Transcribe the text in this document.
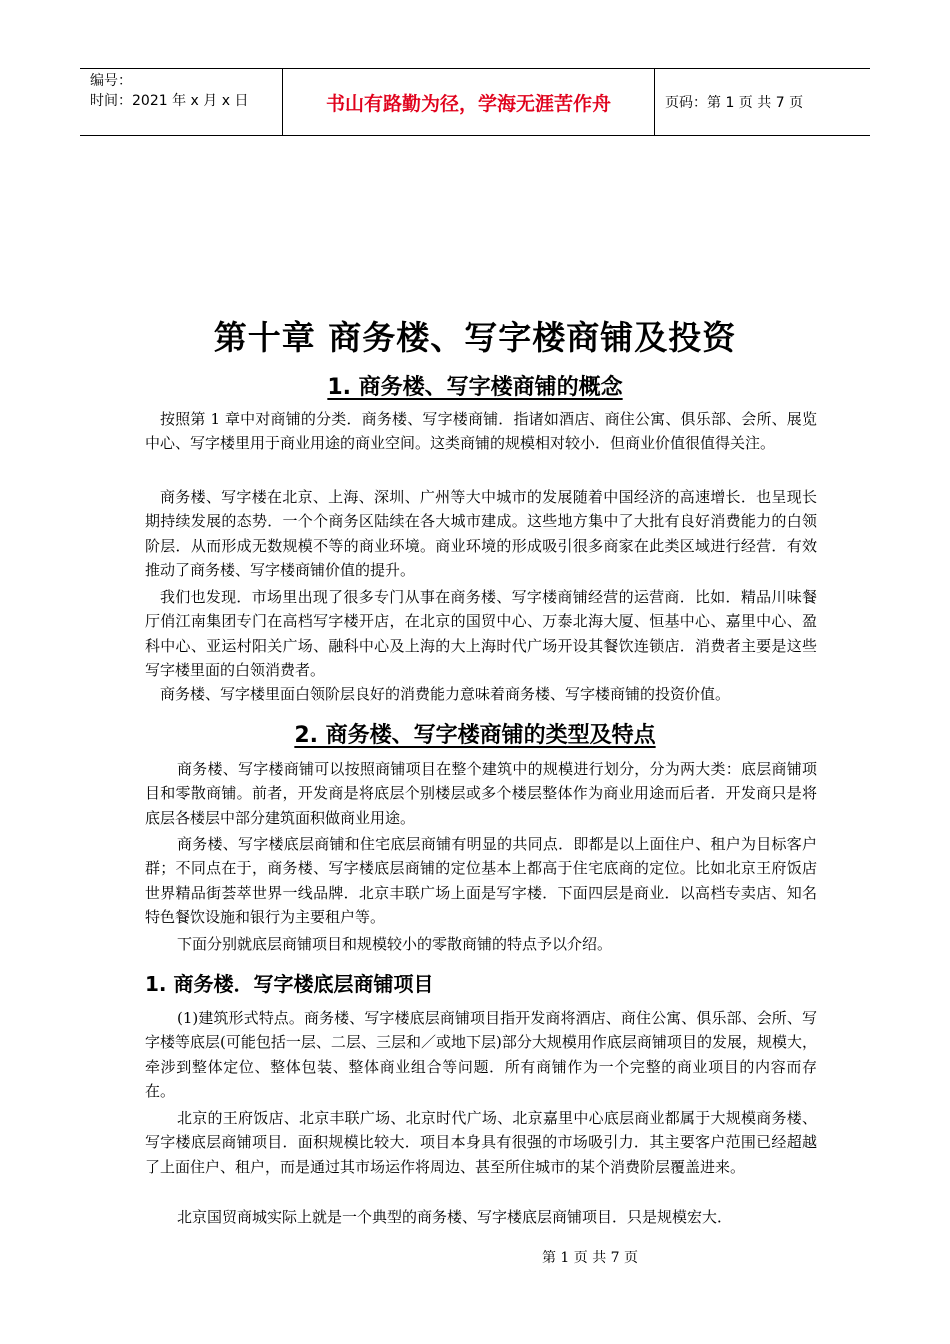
编号：
时间：2021 年 x 月 x 日	书山有路勤为径，学海无涯苦作舟	页码：第 1 页 共 7 页
第十章 商务楼、写字楼商铺及投资
1. 商务楼、写字楼商铺的概念

按照第 1 章中对商铺的分类．商务楼、写字楼商铺．指诸如酒店、商住公寓、俱乐部、会所、展览中心、写字楼里用于商业用途的商业空间。这类商铺的规模相对较小．但商业价值很值得关注。

商务楼、写字楼在北京、上海、深圳、广州等大中城市的发展随着中国经济的高速增长．也呈现长期持续发展的态势．一个个商务区陆续在各大城市建成。这些地方集中了大批有良好消费能力的白领阶层．从而形成无数规模不等的商业环境。商业环境的形成吸引很多商家在此类区域进行经营．有效推动了商务楼、写字楼商铺价值的提升。

我们也发现．市场里出现了很多专门从事在商务楼、写字楼商铺经营的运营商．比如．精品川味餐厅俏江南集团专门在高档写字楼开店，在北京的国贸中心、万泰北海大厦、恒基中心、嘉里中心、盈科中心、亚运村阳关广场、融科中心及上海的大上海时代广场开设其餐饮连锁店．消费者主要是这些写字楼里面的白领消费者。

商务楼、写字楼里面白领阶层良好的消费能力意味着商务楼、写字楼商铺的投资价值。

2. 商务楼、写字楼商铺的类型及特点

商务楼、写字楼商铺可以按照商铺项目在整个建筑中的规模进行划分，分为两大类：底层商铺项目和零散商铺。前者，开发商是将底层个别楼层或多个楼层整体作为商业用途而后者．开发商只是将底层各楼层中部分建筑面积做商业用途。

商务楼、写字楼底层商铺和住宅底层商铺有明显的共同点．即都是以上面住户、租户为目标客户群；不同点在于，商务楼、写字楼底层商铺的定位基本上都高于住宅底商的定位。比如北京王府饭店世界精品街荟萃世界一线品牌．北京丰联广场上面是写字楼．下面四层是商业．以高档专卖店、知名特色餐饮设施和银行为主要租户等。

下面分别就底层商铺项目和规模较小的零散商铺的特点予以介绍。

1. 商务楼．写字楼底层商铺项目

(1)建筑形式特点。商务楼、写字楼底层商铺项目指开发商将酒店、商住公寓、俱乐部、会所、写字楼等底层(可能包括一层、二层、三层和／或地下层)部分大规模用作底层商铺项目的发展，规模大，牵涉到整体定位、整体包装、整体商业组合等问题．所有商铺作为一个完整的商业项目的内容而存在。

北京的王府饭店、北京丰联广场、北京时代广场、北京嘉里中心底层商业都属于大规模商务楼、写字楼底层商铺项目．面积规模比较大．项目本身具有很强的市场吸引力．其主要客户范围已经超越了上面住户、租户，而是通过其市场运作将周边、甚至所住城市的某个消费阶层覆盖进来。

北京国贸商城实际上就是一个典型的商务楼、写字楼底层商铺项目．只是规模宏大．

第 1 页 共 7 页
